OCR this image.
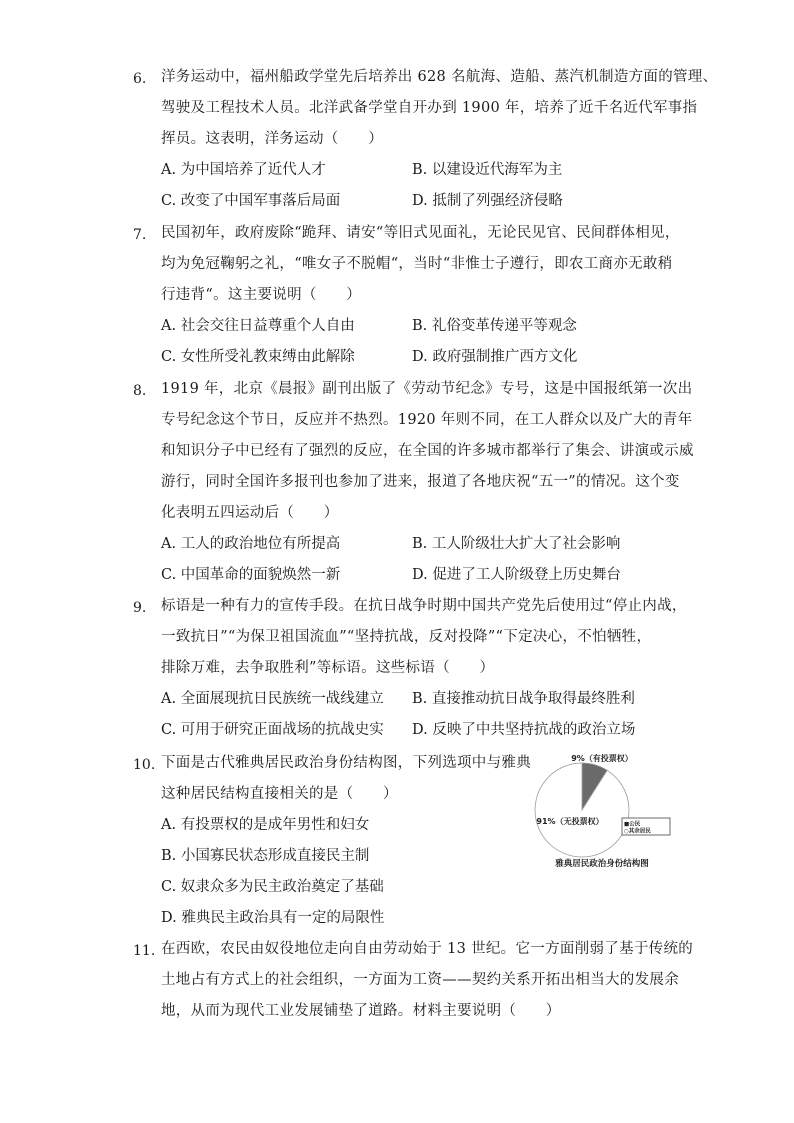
6. 洋务运动中，福州船政学堂先后培养出 628 名航海、造船、蒸汽机制造方面的管理、
驾驶及工程技术人员。北洋武备学堂自开办到 1900 年，培养了近千名近代军事指
挥员。这表明，洋务运动（　　）
A. 为中国培养了近代人才	B. 以建设近代海军为主
C. 改变了中国军事落后局面	D. 抵制了列强经济侵略
7. 民国初年，政府废除“跪拜、请安“等旧式见面礼，无论民见官、民间群体相见，
均为免冠鞠躬之礼，“唯女子不脱帽“，当时“非惟士子遵行，即农工商亦无敢稍
行违背“。这主要说明（　　）
A. 社会交往日益尊重个人自由	B. 礼俗变革传递平等观念
C. 女性所受礼教束缚由此解除	D. 政府强制推广西方文化
8. 1919 年，北京《晨报》副刊出版了《劳动节纪念》专号，这是中国报纸第一次出
专号纪念这个节日，反应并不热烈。1920 年则不同，在工人群众以及广大的青年
和知识分子中已经有了强烈的反应，在全国的许多城市都举行了集会、讲演或示威
游行，同时全国许多报刊也参加了进来，报道了各地庆祝“五一”的情况。这个变
化表明五四运动后（　　）
A. 工人的政治地位有所提高	B. 工人阶级壮大扩大了社会影响
C. 中国革命的面貌焕然一新	D. 促进了工人阶级登上历史舞台
9. 标语是一种有力的宣传手段。在抗日战争时期中国共产党先后使用过“停止内战，
一致抗日”“为保卫祖国流血”“坚持抗战，反对投降”“下定决心，不怕牺牲，
排除万难，去争取胜利”等标语。这些标语（　　）
A. 全面展现抗日民族统一战线建立 B. 直接推动抗日战争取得最终胜利
C. 可用于研究正面战场的抗战史实 D. 反映了中共坚持抗战的政治立场
10. 下面是古代雅典居民政治身份结构图，下列选项中与雅典
这种居民结构直接相关的是（　　）
A. 有投票权的是成年男性和妇女
B. 小国寡民状态形成直接民主制
C. 奴隶众多为民主政治奠定了基础
D. 雅典民主政治具有一定的局限性
9%（有投票权）
91%（无投票权）	■公民
○其余居民
雅典居民政治身份结构图
11. 在西欧，农民由奴役地位走向自由劳动始于 13 世纪。它一方面削弱了基于传统的
土地占有方式上的社会组织，一方面为工资——契约关系开拓出相当大的发展余
地，从而为现代工业发展铺垫了道路。材料主要说明（　　）
